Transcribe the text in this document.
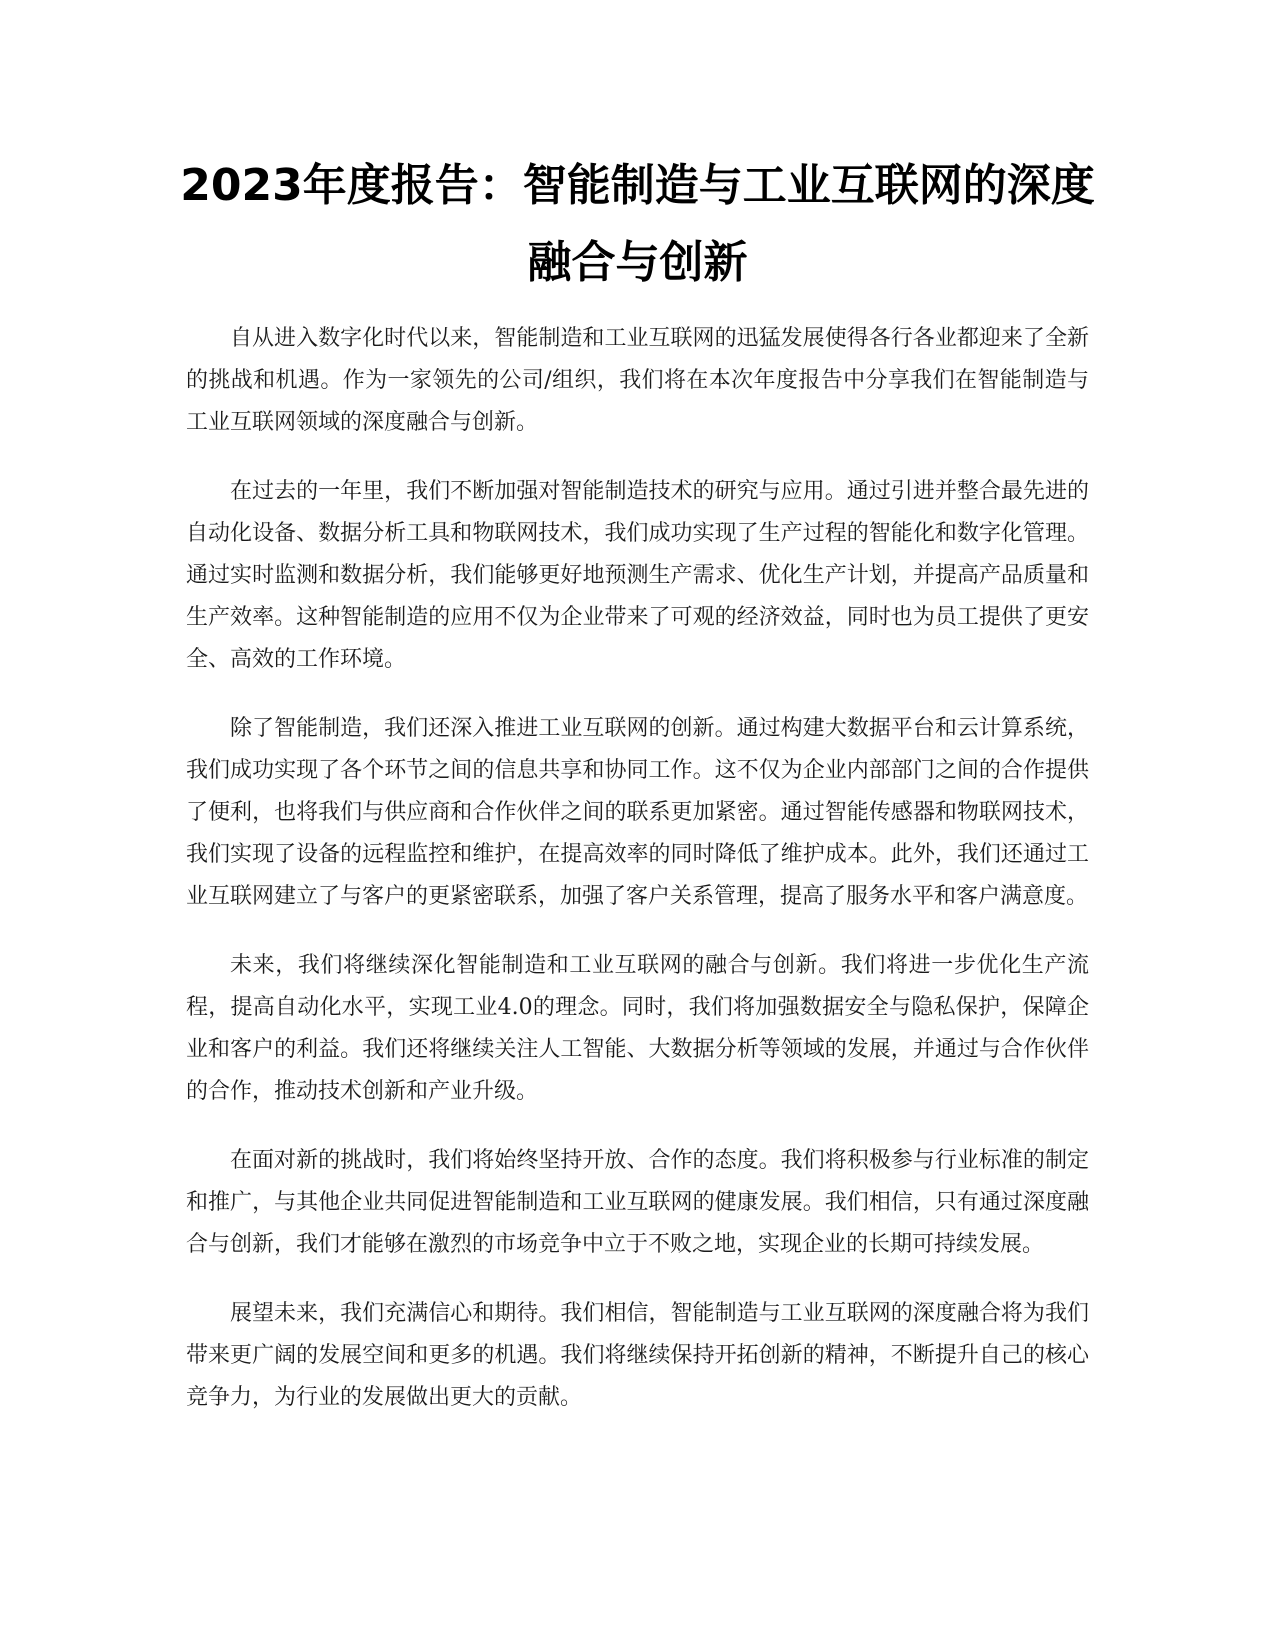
2023年度报告：智能制造与工业互联网的深度融合与创新

自从进入数字化时代以来，智能制造和工业互联网的迅猛发展使得各行各业都迎来了全新的挑战和机遇。作为一家领先的公司/组织，我们将在本次年度报告中分享我们在智能制造与工业互联网领域的深度融合与创新。

在过去的一年里，我们不断加强对智能制造技术的研究与应用。通过引进并整合最先进的自动化设备、数据分析工具和物联网技术，我们成功实现了生产过程的智能化和数字化管理。通过实时监测和数据分析，我们能够更好地预测生产需求、优化生产计划，并提高产品质量和生产效率。这种智能制造的应用不仅为企业带来了可观的经济效益，同时也为员工提供了更安全、高效的工作环境。

除了智能制造，我们还深入推进工业互联网的创新。通过构建大数据平台和云计算系统，我们成功实现了各个环节之间的信息共享和协同工作。这不仅为企业内部部门之间的合作提供了便利，也将我们与供应商和合作伙伴之间的联系更加紧密。通过智能传感器和物联网技术，我们实现了设备的远程监控和维护，在提高效率的同时降低了维护成本。此外，我们还通过工业互联网建立了与客户的更紧密联系，加强了客户关系管理，提高了服务水平和客户满意度。

未来，我们将继续深化智能制造和工业互联网的融合与创新。我们将进一步优化生产流程，提高自动化水平，实现工业4.0的理念。同时，我们将加强数据安全与隐私保护，保障企业和客户的利益。我们还将继续关注人工智能、大数据分析等领域的发展，并通过与合作伙伴的合作，推动技术创新和产业升级。

在面对新的挑战时，我们将始终坚持开放、合作的态度。我们将积极参与行业标准的制定和推广，与其他企业共同促进智能制造和工业互联网的健康发展。我们相信，只有通过深度融合与创新，我们才能够在激烈的市场竞争中立于不败之地，实现企业的长期可持续发展。

展望未来，我们充满信心和期待。我们相信，智能制造与工业互联网的深度融合将为我们带来更广阔的发展空间和更多的机遇。我们将继续保持开拓创新的精神，不断提升自己的核心竞争力，为行业的发展做出更大的贡献。
